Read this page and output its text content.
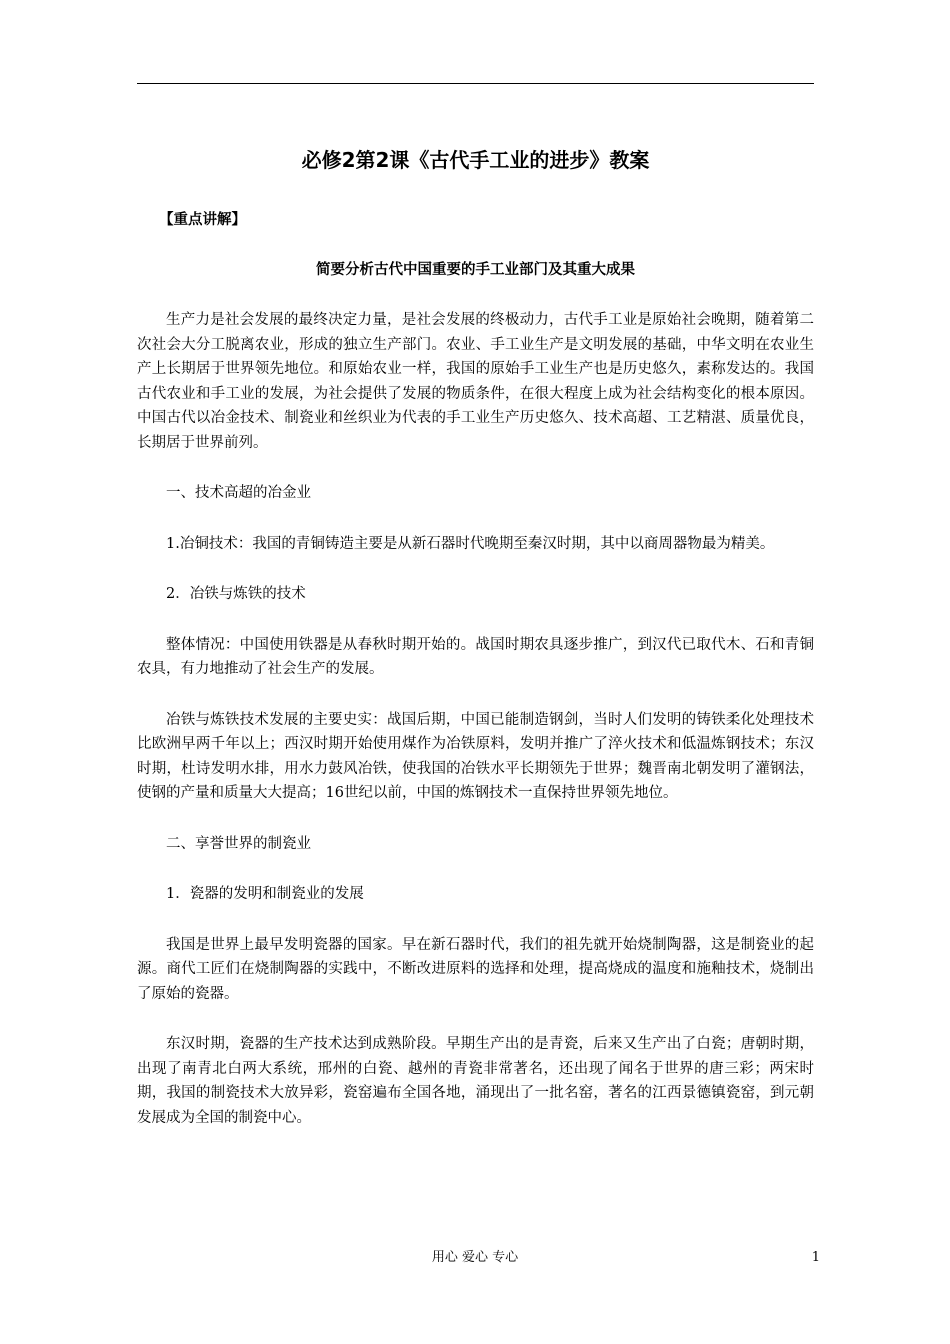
必修2第2课《古代手工业的进步》教案
【重点讲解】
简要分析古代中国重要的手工业部门及其重大成果

生产力是社会发展的最终决定力量，是社会发展的终极动力，古代手工业是原始社会晚期，随着第二次社会大分工脱离农业，形成的独立生产部门。农业、手工业生产是文明发展的基础，中华文明在农业生产上长期居于世界领先地位。和原始农业一样，我国的原始手工业生产也是历史悠久，素称发达的。我国古代农业和手工业的发展，为社会提供了发展的物质条件，在很大程度上成为社会结构变化的根本原因。中国古代以冶金技术、制瓷业和丝织业为代表的手工业生产历史悠久、技术高超、工艺精湛、质量优良，长期居于世界前列。

一、技术高超的冶金业

1.冶铜技术：我国的青铜铸造主要是从新石器时代晚期至秦汉时期，其中以商周器物最为精美。

2．冶铁与炼铁的技术

整体情况：中国使用铁器是从春秋时期开始的。战国时期农具逐步推广，到汉代已取代木、石和青铜农具，有力地推动了社会生产的发展。

冶铁与炼铁技术发展的主要史实：战国后期，中国已能制造钢剑，当时人们发明的铸铁柔化处理技术比欧洲早两千年以上；西汉时期开始使用煤作为冶铁原料，发明并推广了淬火技术和低温炼钢技术；东汉时期，杜诗发明水排，用水力鼓风冶铁，使我国的冶铁水平长期领先于世界；魏晋南北朝发明了灌钢法，使钢的产量和质量大大提高；16世纪以前，中国的炼钢技术一直保持世界领先地位。

二、享誉世界的制瓷业

1．瓷器的发明和制瓷业的发展

我国是世界上最早发明瓷器的国家。早在新石器时代，我们的祖先就开始烧制陶器，这是制瓷业的起源。商代工匠们在烧制陶器的实践中，不断改进原料的选择和处理，提高烧成的温度和施釉技术，烧制出了原始的瓷器。

东汉时期，瓷器的生产技术达到成熟阶段。早期生产出的是青瓷，后来又生产出了白瓷；唐朝时期，出现了南青北白两大系统，邢州的白瓷、越州的青瓷非常著名，还出现了闻名于世界的唐三彩；两宋时期，我国的制瓷技术大放异彩，瓷窑遍布全国各地，涌现出了一批名窑，著名的江西景德镇瓷窑，到元朝发展成为全国的制瓷中心。

用心 爱心 专心	1
